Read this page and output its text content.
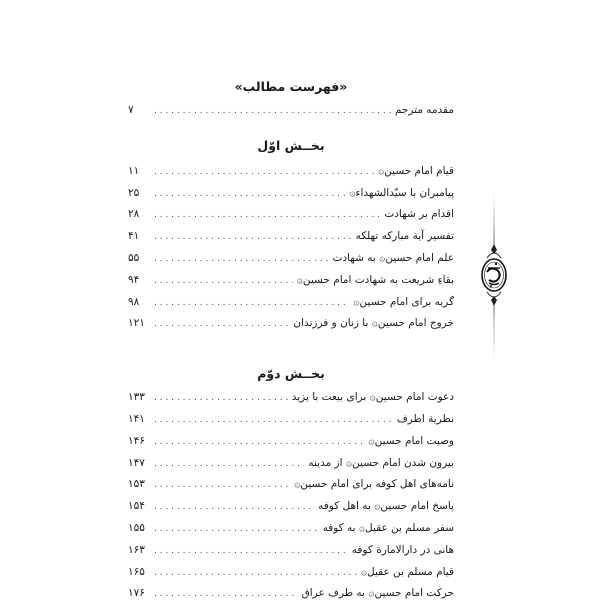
«فهرست مطالب»
مقدمه مترجم
. . .
۷
بخــش اوّل
قیام امام حسین۞
. . .
۱۱
پیامبران با سیّدالشهداء۞
. . .
۲۵
اقدام بر شهادت
. . .
۲۸
تفسیر آیة مبارکه تهلکه
. . .
۴۱
علم امام حسین۞ به شهادت
. . .
۵۵
بقاءِ شریعت به شهادت امام حسین۞
. . .
۹۴
گریه برای امام حسین۞
. . .
۹۸
خروج امام حسین۞ با زنان و فرزندان
. . .
۱۲۱
بخــش دوّم
دعوت امام حسین۞ برای بیعت با یزید
. . .
۱۳۳
نظریة اطرف
. . .
۱۴۱
وصیت امام حسین۞
. . .
۱۴۶
بیرون شدن امام حسین۞ از مدینه
. . .
۱۴۷
نامه‌های اهل کوفه برای امام حسین۞
. . .
۱۵۳
پاسخ امام حسین۞ به اهل کوفه
. . .
۱۵۴
سفر مسلم بن عقیل۞ به کوفه
. . .
۱۵۵
هانی در دارالامارة کوفه
. . .
۱۶۳
قیام مسلم بن عقیل۞
. . .
۱۶۵
حرکت امام حسین۞ به طرف عراق
. . .
۱۷۶
